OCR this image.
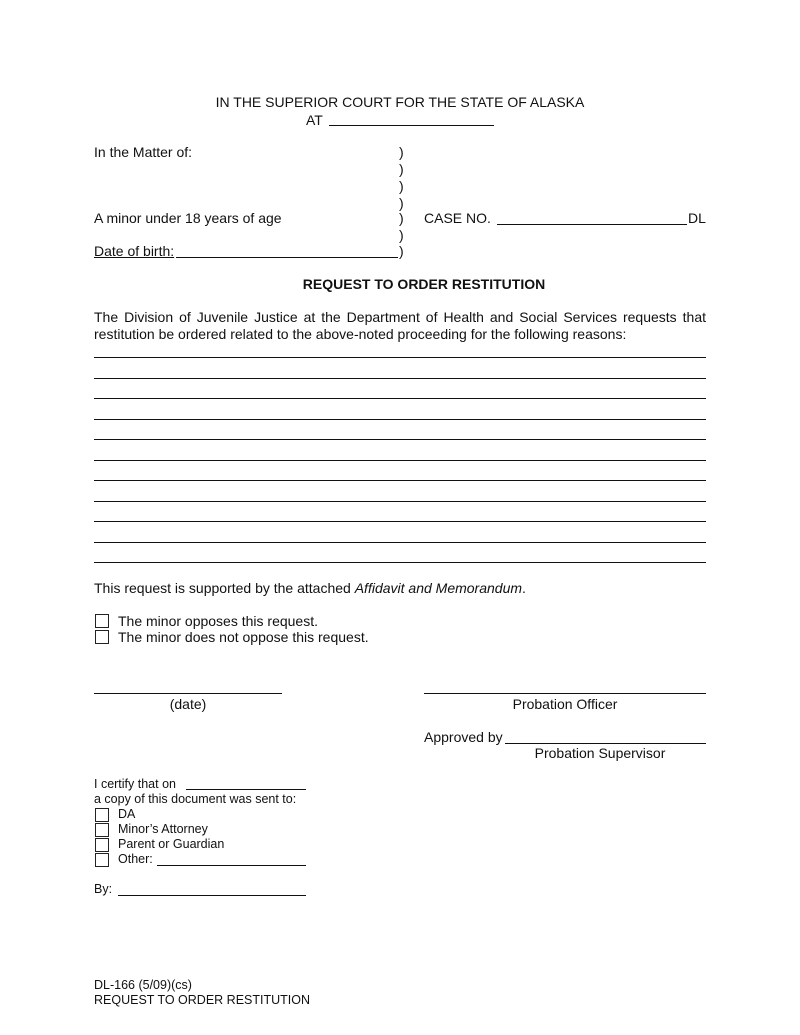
IN THE SUPERIOR COURT FOR THE STATE OF ALASKA
AT
In the Matter of:
A minor under 18 years of age
Date of birth:
)
)
)
)
)
)
)
CASE NO.	DL
REQUEST TO ORDER RESTITUTION
The Division of Juvenile Justice at the Department of Health and Social Services requests that restitution be ordered related to the above-noted proceeding for the following reasons:
This request is supported by the attached Affidavit and Memorandum.
The minor opposes this request.
The minor does not oppose this request.
(date)	Probation Officer
Approved by
Probation Supervisor
I certify that on
a copy of this document was sent to:
DA
Minor’s Attorney
Parent or Guardian
Other:
By:
DL-166 (5/09)(cs)
REQUEST TO ORDER RESTITUTION
